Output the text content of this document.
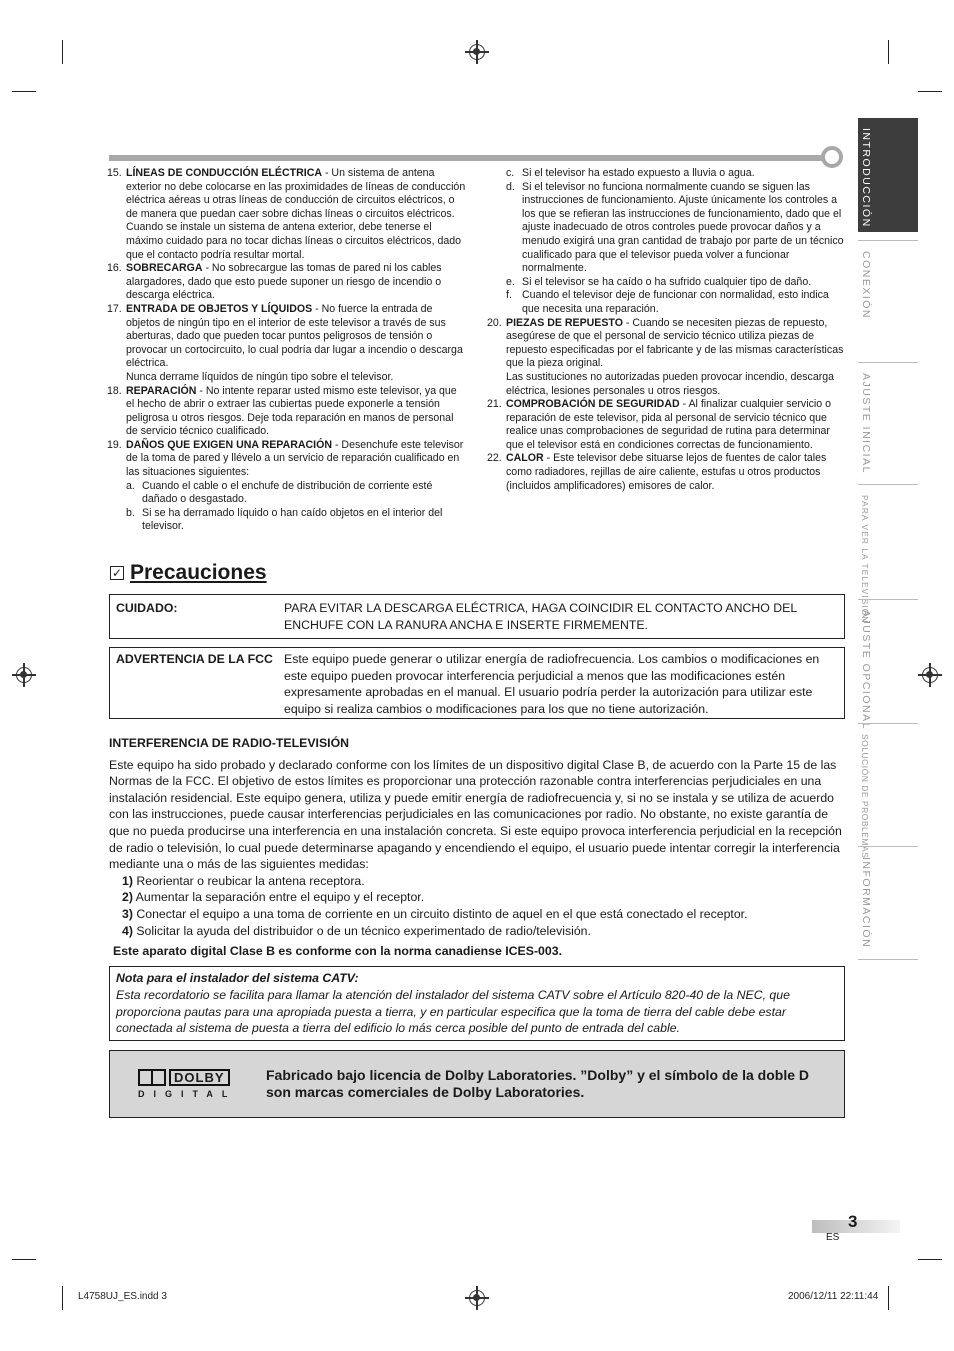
INTRODUCCIÓN
CONEXIÓN
AJUSTE INICIAL
PARA VER LA TELEVISIÓN
AJUSTE OPCIONAL
SOLUCIÓN DE PROBLEMAS
INFORMACIÓN
15. LÍNEAS DE CONDUCCIÓN ELÉCTRICA - Un sistema de antena exterior no debe colocarse en las proximidades de líneas de conducción eléctrica aéreas u otras líneas de conducción de circuitos eléctricos, o de manera que puedan caer sobre dichas líneas o circuitos eléctricos. Cuando se instale un sistema de antena exterior, debe tenerse el máximo cuidado para no tocar dichas líneas o circuitos eléctricos, dado que el contacto podría resultar mortal.
16. SOBRECARGA - No sobrecargue las tomas de pared ni los cables alargadores, dado que esto puede suponer un riesgo de incendio o descarga eléctrica.
17. ENTRADA DE OBJETOS Y LÍQUIDOS - No fuerce la entrada de objetos de ningún tipo en el interior de este televisor a través de sus aberturas, dado que pueden tocar puntos peligrosos de tensión o provocar un cortocircuito, lo cual podría dar lugar a incendio o descarga eléctrica.
Nunca derrame líquidos de ningún tipo sobre el televisor.
18. REPARACIÓN - No intente reparar usted mismo este televisor, ya que el hecho de abrir o extraer las cubiertas puede exponerle a tensión peligrosa u otros riesgos. Deje toda reparación en manos de personal de servicio técnico cualificado.
19. DAÑOS QUE EXIGEN UNA REPARACIÓN - Desenchufe este televisor de la toma de pared y llévelo a un servicio de reparación cualificado en las situaciones siguientes:
a. Cuando el cable o el enchufe de distribución de corriente esté dañado o desgastado.
b. Si se ha derramado líquido o han caído objetos en el interior del televisor.
c. Si el televisor ha estado expuesto a lluvia o agua.
d. Si el televisor no funciona normalmente cuando se siguen las instrucciones de funcionamiento. Ajuste únicamente los controles a los que se refieran las instrucciones de funcionamiento, dado que el ajuste inadecuado de otros controles puede provocar daños y a menudo exigirá una gran cantidad de trabajo por parte de un técnico cualificado para que el televisor pueda volver a funcionar normalmente.
e. Si el televisor se ha caído o ha sufrido cualquier tipo de daño.
f. Cuando el televisor deje de funcionar con normalidad, esto indica que necesita una reparación.
20. PIEZAS DE REPUESTO - Cuando se necesiten piezas de repuesto, asegúrese de que el personal de servicio técnico utiliza piezas de repuesto especificadas por el fabricante y de las mismas características que la pieza original.
Las sustituciones no autorizadas pueden provocar incendio, descarga eléctrica, lesiones personales u otros riesgos.
21. COMPROBACIÓN DE SEGURIDAD - Al finalizar cualquier servicio o reparación de este televisor, pida al personal de servicio técnico que realice unas comprobaciones de seguridad de rutina para determinar que el televisor está en condiciones correctas de funcionamiento.
22. CALOR - Este televisor debe situarse lejos de fuentes de calor tales como radiadores, rejillas de aire caliente, estufas u otros productos (incluidos amplificadores) emisores de calor.
✓ Precauciones
CUIDADO:	PARA EVITAR LA DESCARGA ELÉCTRICA, HAGA COINCIDIR EL CONTACTO ANCHO DEL ENCHUFE CON LA RANURA ANCHA E INSERTE FIRMEMENTE.
ADVERTENCIA DE LA FCC Este equipo puede generar o utilizar energía de radiofrecuencia. Los cambios o modificaciones en este equipo pueden provocar interferencia perjudicial a menos que las modificaciones estén expresamente aprobadas en el manual. El usuario podría perder la autorización para utilizar este equipo si realiza cambios o modificaciones para los que no tiene autorización.
INTERFERENCIA DE RADIO-TELEVISIÓN

Este equipo ha sido probado y declarado conforme con los límites de un dispositivo digital Clase B, de acuerdo con la Parte 15 de las Normas de la FCC. El objetivo de estos límites es proporcionar una protección razonable contra interferencias perjudiciales en una instalación residencial. Este equipo genera, utiliza y puede emitir energía de radiofrecuencia y, si no se instala y se utiliza de acuerdo con las instrucciones, puede causar interferencias perjudiciales en las comunicaciones por radio. No obstante, no existe garantía de que no pueda producirse una interferencia en una instalación concreta. Si este equipo provoca interferencia perjudicial en la recepción de radio o televisión, lo cual puede determinarse apagando y encendiendo el equipo, el usuario puede intentar corregir la interferencia mediante una o más de las siguientes medidas:

1) Reorientar o reubicar la antena receptora.
2) Aumentar la separación entre el equipo y el receptor.
3) Conectar el equipo a una toma de corriente en un circuito distinto de aquel en el que está conectado el receptor.
4) Solicitar la ayuda del distribuidor o de un técnico experimentado de radio/televisión.
Este aparato digital Clase B es conforme con la norma canadiense ICES-003.
Nota para el instalador del sistema CATV:
Esta recordatorio se facilita para llamar la atención del instalador del sistema CATV sobre el Artículo 820-40 de la NEC, que proporciona pautas para una apropiada puesta a tierra, y en particular especifica que la toma de tierra del cable debe estar conectada al sistema de puesta a tierra del edificio lo más cerca posible del punto de entrada del cable.
DOLBY
DIGITAL
Fabricado bajo licencia de Dolby Laboratories. ”Dolby” y el símbolo de la doble D son marcas comerciales de Dolby Laboratories.
3
ES
L4758UJ_ES.indd 3	2006/12/11 22:11:44
